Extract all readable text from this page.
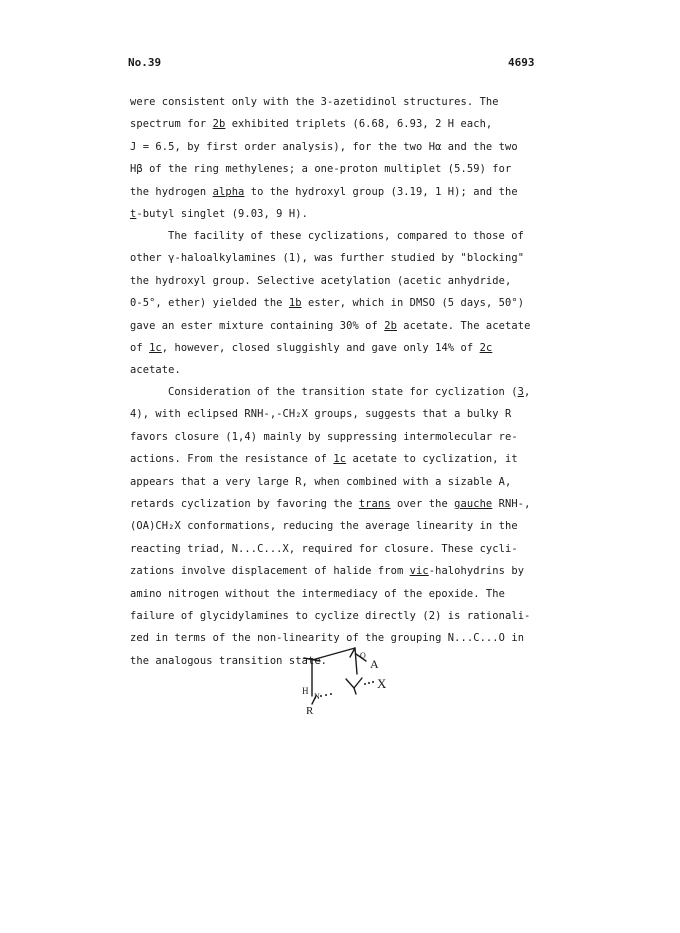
No.39	4693
were consistent only with the 3-azetidinol structures. The
spectrum for 2b exhibited triplets (6.68, 6.93, 2 H each,
J = 6.5, by first order analysis), for the two Hα and the two
Hβ of the ring methylenes; a one-proton multiplet (5.59) for
the hydrogen alpha to the hydroxyl group (3.19, 1 H); and the
t-butyl singlet (9.03, 9 H).
The facility of these cyclizations, compared to those of
other γ-haloalkylamines (1), was further studied by "blocking"
the hydroxyl group. Selective acetylation (acetic anhydride,
0-5°, ether) yielded the 1b ester, which in DMSO (5 days, 50°)
gave an ester mixture containing 30% of 2b acetate. The acetate
of 1c, however, closed sluggishly and gave only 14% of 2c
acetate.
Consideration of the transition state for cyclization (3,
4), with eclipsed RNH-,-CH₂X groups, suggests that a bulky R
favors closure (1,4) mainly by suppressing intermolecular re-
actions. From the resistance of 1c acetate to cyclization, it
appears that a very large R, when combined with a sizable A,
retards cyclization by favoring the trans over the gauche RNH-,
(OA)CH₂X conformations, reducing the average linearity in the
reacting triad, N...C...X, required for closure. These cycli-
zations involve displacement of halide from vic-halohydrins by
amino nitrogen without the intermediacy of the epoxide. The
failure of glycidylamines to cyclize directly (2) is rationali-
zed in terms of the non-linearity of the grouping N...C...O in
the analogous transition state.	A
X
R
H
N
O
